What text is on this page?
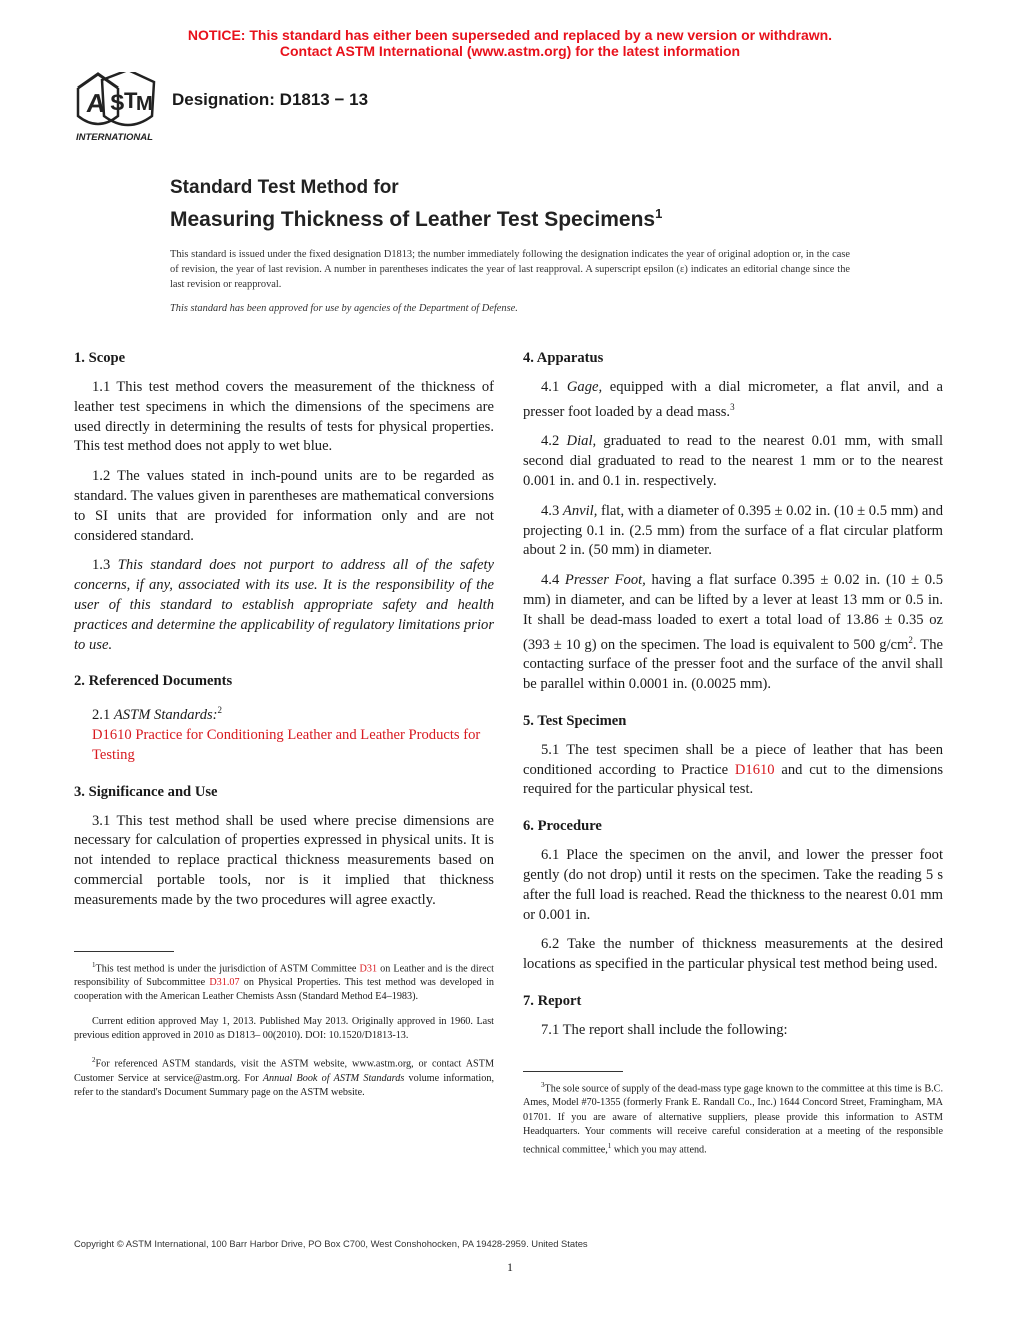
NOTICE: This standard has either been superseded and replaced by a new version or withdrawn.
Contact ASTM International (www.astm.org) for the latest information
A S T
M
INTERNATIONAL
Designation: D1813 − 13
Standard Test Method for
Measuring Thickness of Leather Test Specimens$^1$
This standard is issued under the fixed designation D1813; the number immediately following the designation indicates the year of original adoption or, in the case of revision, the year of last revision. A number in parentheses indicates the year of last reapproval. A superscript epsilon (ε) indicates an editorial change since the last revision or reapproval.
This standard has been approved for use by agencies of the Department of Defense.
1. Scope

1.1 This test method covers the measurement of the thickness of leather test specimens in which the dimensions of the specimens are used directly in determining the results of tests for physical properties. This test method does not apply to wet blue.

1.2 The values stated in inch-pound units are to be regarded as standard. The values given in parentheses are mathematical conversions to SI units that are provided for information only and are not considered standard.

1.3 This standard does not purport to address all of the safety concerns, if any, associated with its use. It is the responsibility of the user of this standard to establish appropriate safety and health practices and determine the applicability of regulatory limitations prior to use.

2. Referenced Documents

2.1 ASTM Standards:$^2$

D1610 Practice for Conditioning Leather and Leather Products for Testing

3. Significance and Use

3.1 This test method shall be used where precise dimensions are necessary for calculation of properties expressed in physical units. It is not intended to replace practical thickness measurements based on commercial portable tools, nor is it implied that thickness measurements made by the two procedures will agree exactly.

$^1$This test method is under the jurisdiction of ASTM Committee D31 on Leather and is the direct responsibility of Subcommittee D31.07 on Physical Properties. This test method was developed in cooperation with the American Leather Chemists Assn (Standard Method E4–1983).

Current edition approved May 1, 2013. Published May 2013. Originally approved in 1960. Last previous edition approved in 2010 as D1813– 00(2010). DOI: 10.1520/D1813-13.

$^2$For referenced ASTM standards, visit the ASTM website, www.astm.org, or contact ASTM Customer Service at service@astm.org. For Annual Book of ASTM Standards volume information, refer to the standard's Document Summary page on the ASTM website.

4. Apparatus

4.1 Gage, equipped with a dial micrometer, a flat anvil, and a presser foot loaded by a dead mass.$^3$

4.2 Dial, graduated to read to the nearest 0.01 mm, with small second dial graduated to read to the nearest 1 mm or to the nearest 0.001 in. and 0.1 in. respectively.

4.3 Anvil, flat, with a diameter of 0.395 ± 0.02 in. (10 ± 0.5 mm) and projecting 0.1 in. (2.5 mm) from the surface of a flat circular platform about 2 in. (50 mm) in diameter.

4.4 Presser Foot, having a flat surface 0.395 ± 0.02 in. (10 ± 0.5 mm) in diameter, and can be lifted by a lever at least 13 mm or 0.5 in. It shall be dead-mass loaded to exert a total load of 13.86 ± 0.35 oz (393 ± 10 g) on the specimen. The load is equivalent to 500 $g/cm^2$. The contacting surface of the presser foot and the surface of the anvil shall be parallel within 0.0001 in. (0.0025 mm).

5. Test Specimen

5.1 The test specimen shall be a piece of leather that has been conditioned according to Practice D1610 and cut to the dimensions required for the particular physical test.

6. Procedure

6.1 Place the specimen on the anvil, and lower the presser foot gently (do not drop) until it rests on the specimen. Take the reading 5 s after the full load is reached. Read the thickness to the nearest 0.01 mm or 0.001 in.

6.2 Take the number of thickness measurements at the desired locations as specified in the particular physical test method being used.

7. Report

7.1 The report shall include the following:

$^3$The sole source of supply of the dead-mass type gage known to the committee at this time is B.C. Ames, Model #70-1355 (formerly Frank E. Randall Co., Inc.) 1644 Concord Street, Framingham, MA 01701. If you are aware of alternative suppliers, please provide this information to ASTM Headquarters. Your comments will receive careful consideration at a meeting of the responsible technical committee,$^1$ which you may attend.

Copyright © ASTM International, 100 Barr Harbor Drive, PO Box C700, West Conshohocken, PA 19428-2959. United States
1
